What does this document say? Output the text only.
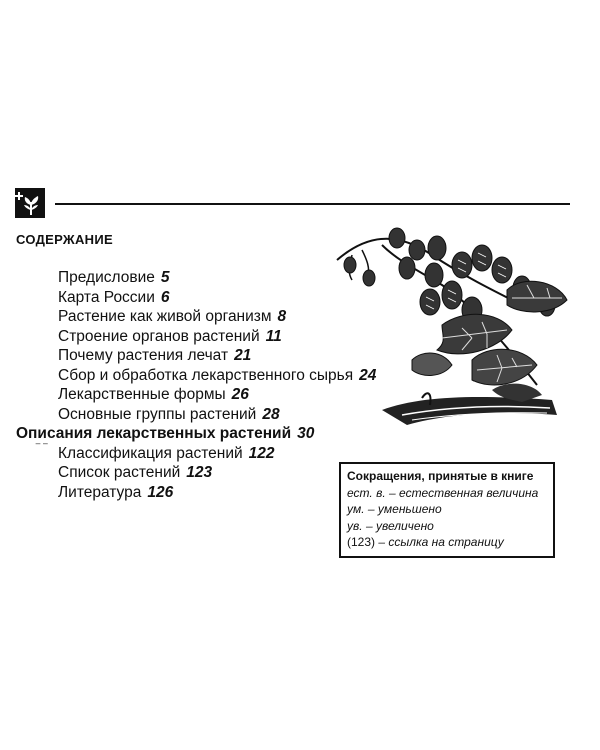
СОДЕРЖАНИЕ
‾ ‾
Предисловие 5
Карта России 6
Растение как живой организм 8
Строение органов растений 11
Почему растения лечат 21
Сбор и обработка лекарственного сырья 24
Лекарственные формы 26
Основные группы растений 28
Описания лекарственных растений 30
Классификация растений 122
Список растений 123
Литература 126
Сокращения, принятые в книге
ест. в. – естественная величина
ум. – уменьшено
ув. – увеличено
(123) – ссылка на страницу
